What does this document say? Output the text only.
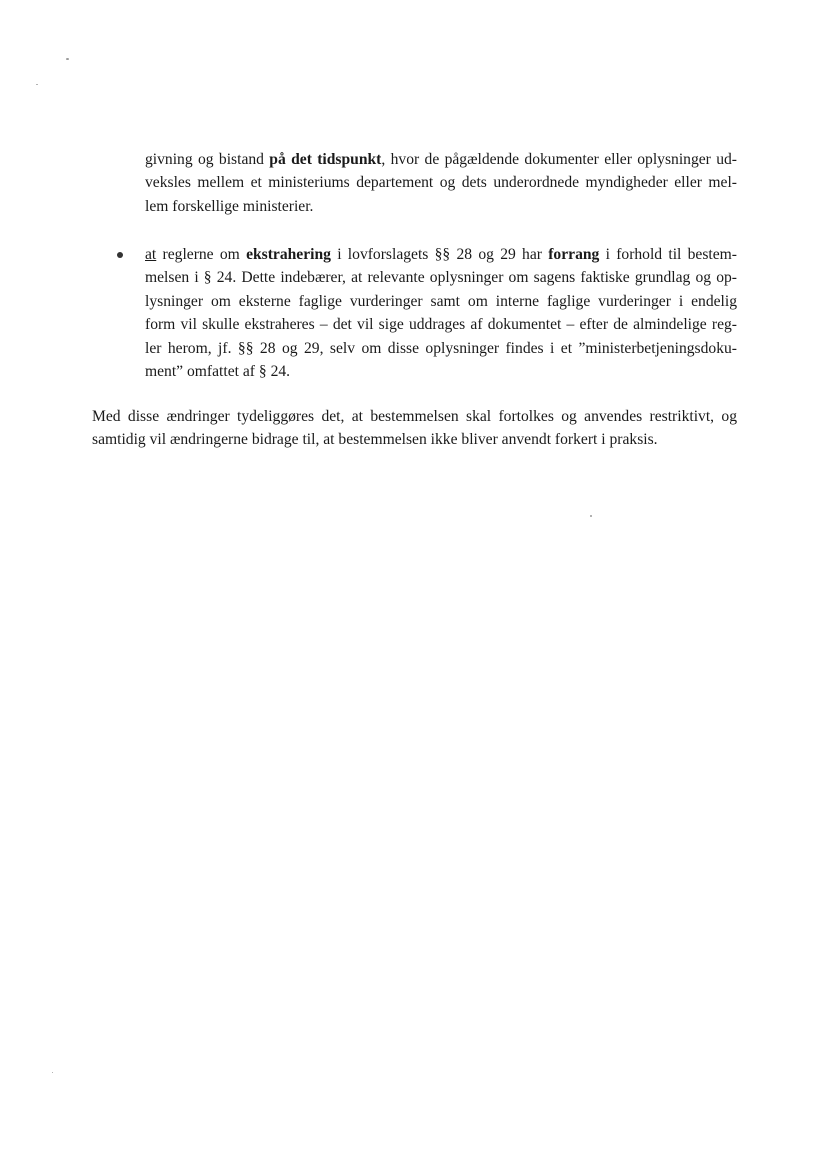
givning og bistand på det tidspunkt, hvor de pågældende dokumenter eller oplysninger ud-
veksles mellem et ministeriums departement og dets underordnede myndigheder eller mel-
lem forskellige ministerier.
at reglerne om ekstrahering i lovforslagets §§ 28 og 29 har forrang i forhold til bestem-
melsen i § 24. Dette indebærer, at relevante oplysninger om sagens faktiske grundlag og op-
lysninger om eksterne faglige vurderinger samt om interne faglige vurderinger i endelig
form vil skulle ekstraheres – det vil sige uddrages af dokumentet – efter de almindelige reg-
ler herom, jf. §§ 28 og 29, selv om disse oplysninger findes i et ”ministerbetjeningsdoku-
ment” omfattet af § 24.
Med disse ændringer tydeliggøres det, at bestemmelsen skal fortolkes og anvendes restriktivt, og
samtidig vil ændringerne bidrage til, at bestemmelsen ikke bliver anvendt forkert i praksis.
